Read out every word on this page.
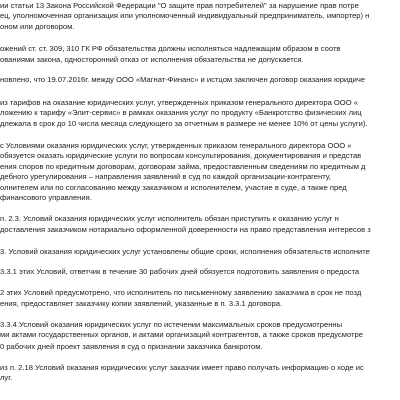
ии статьи 13 Закона Российской Федерации "О защите прав потребителей" за нарушение прав потре
ец, уполномоченная организация или уполномоченный индивидуальный предприниматель, импортер) н
оном или договором.
ожений ст. ст. 309, 310 ГК РФ обязательства должны исполняться надлежащим образом в соотв
ованиями закона, односторонний отказ от исполнения обязательства не допускается.
новлено, что 19.07.2016г. между ООО «Магнат-Финанс» и истцом заключен договор оказания юридиче
из тарифов на оказание юридических услуг, утвержденных приказом генерального директора ООО «
ложению к тарифу «Элит-сервис» в рамках оказания услуг по продукту «Банкротство физических лиц
длежала в срок до 10 числа месяца следующего за отчетным в размере не менее 10% от цены услуги).
с Условиями оказания юридических услуг, утвержденных приказом генерального директора ООО «
обязуется оказать юридические услуги по вопросам консультирования, документирования и представ
ения споров по кредитным договорам, договорам займа, предоставленным сведениям по кредитным д
дебного урегулирования – направления заявлений в суд по каждой организации-контрагенту,
олнителем или по согласованию между заказчиком и исполнителем, участие в суде, а также пред
финансового управления.
п. 2.3. Условий оказания юридических услуг исполнитель обязан приступить к оказанию услуг н
доставления заказчиком нотариально оформленной доверенности на право представления интересов з
3. Условий оказания юридических услуг установлены общие сроки, исполнения обязательств исполните
3.3.1 этих Условий, ответчик в течение 30 рабочих дней обязуется подготовить заявления о предоста
2 этих Условий предусмотрено, что исполнитель по письменному заявлению заказчика в срок не позд
ения, предоставляет заказчику копии заявлений, указанные в п. 3.3.1 договора.
3.3.4 Условий оказания юридических услуг по истечении максимальных сроков предусмотренны
ми актами государственных органов, и актами организаций контрагентов, а также сроков предусмотре
0 рабочих дней проект заявления в суд о признании заказчика банкротом.
из п. 2.18 Условий оказания юридических услуг заказчик имеет право получать информацию о ходе ис
луг.
